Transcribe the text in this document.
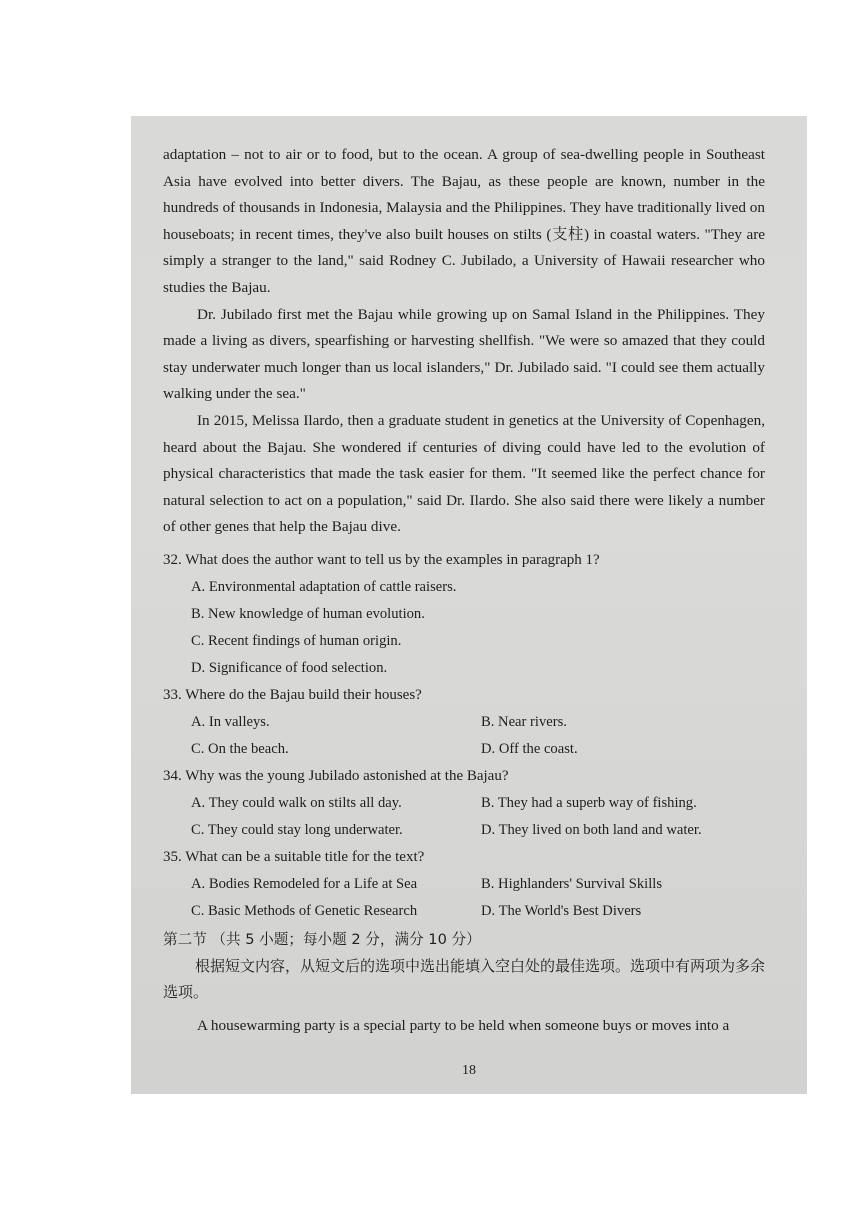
adaptation – not to air or to food, but to the ocean. A group of sea-dwelling people in Southeast Asia have evolved into better divers. The Bajau, as these people are known, number in the hundreds of thousands in Indonesia, Malaysia and the Philippines. They have traditionally lived on houseboats; in recent times, they've also built houses on stilts (支柱) in coastal waters. "They are simply a stranger to the land," said Rodney C. Jubilado, a University of Hawaii researcher who studies the Bajau.

Dr. Jubilado first met the Bajau while growing up on Samal Island in the Philippines. They made a living as divers, spearfishing or harvesting shellfish. "We were so amazed that they could stay underwater much longer than us local islanders," Dr. Jubilado said. "I could see them actually walking under the sea."

In 2015, Melissa Ilardo, then a graduate student in genetics at the University of Copenhagen, heard about the Bajau. She wondered if centuries of diving could have led to the evolution of physical characteristics that made the task easier for them. "It seemed like the perfect chance for natural selection to act on a population," said Dr. Ilardo. She also said there were likely a number of other genes that help the Bajau dive.

32. What does the author want to tell us by the examples in paragraph 1?

A. Environmental adaptation of cattle raisers.

B. New knowledge of human evolution.

C. Recent findings of human origin.

D. Significance of food selection.

33. Where do the Bajau build their houses?

A. In valleys.	B. Near rivers.
C. On the beach.	D. Off the coast.

34. Why was the young Jubilado astonished at the Bajau?

A. They could walk on stilts all day.	B. They had a superb way of fishing.
C. They could stay long underwater.	D. They lived on both land and water.

35. What can be a suitable title for the text?

A. Bodies Remodeled for a Life at Sea	B. Highlanders' Survival Skills
C. Basic Methods of Genetic Research	D. The World's Best Divers

第二节 （共 5 小题；每小题 2 分，满分 10 分）

根据短文内容，从短文后的选项中选出能填入空白处的最佳选项。选项中有两项为多余选项。

A housewarming party is a special party to be held when someone buys or moves into a

18
